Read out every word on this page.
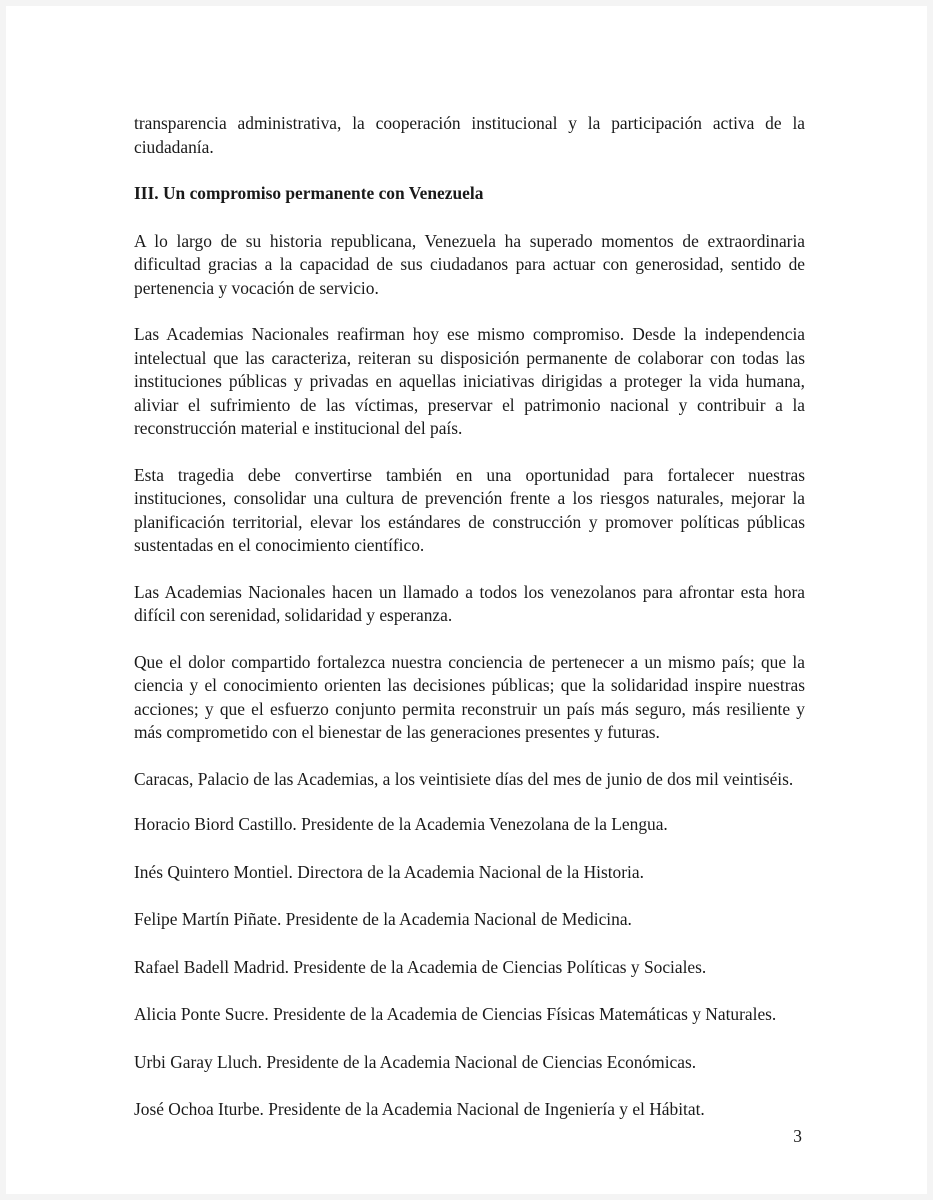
transparencia administrativa, la cooperación institucional y la participación activa de la ciudadanía.

III. Un compromiso permanente con Venezuela

A lo largo de su historia republicana, Venezuela ha superado momentos de extraordinaria dificultad gracias a la capacidad de sus ciudadanos para actuar con generosidad, sentido de pertenencia y vocación de servicio.

Las Academias Nacionales reafirman hoy ese mismo compromiso. Desde la independencia intelectual que las caracteriza, reiteran su disposición permanente de colaborar con todas las instituciones públicas y privadas en aquellas iniciativas dirigidas a proteger la vida humana, aliviar el sufrimiento de las víctimas, preservar el patrimonio nacional y contribuir a la reconstrucción material e institucional del país.

Esta tragedia debe convertirse también en una oportunidad para fortalecer nuestras instituciones, consolidar una cultura de prevención frente a los riesgos naturales, mejorar la planificación territorial, elevar los estándares de construcción y promover políticas públicas sustentadas en el conocimiento científico.

Las Academias Nacionales hacen un llamado a todos los venezolanos para afrontar esta hora difícil con serenidad, solidaridad y esperanza.

Que el dolor compartido fortalezca nuestra conciencia de pertenecer a un mismo país; que la ciencia y el conocimiento orienten las decisiones públicas; que la solidaridad inspire nuestras acciones; y que el esfuerzo conjunto permita reconstruir un país más seguro, más resiliente y más comprometido con el bienestar de las generaciones presentes y futuras.

Caracas, Palacio de las Academias, a los veintisiete días del mes de junio de dos mil veintiséis.

Horacio Biord Castillo. Presidente de la Academia Venezolana de la Lengua.

Inés Quintero Montiel. Directora de la Academia Nacional de la Historia.

Felipe Martín Piñate. Presidente de la Academia Nacional de Medicina.

Rafael Badell Madrid. Presidente de la Academia de Ciencias Políticas y Sociales.

Alicia Ponte Sucre. Presidente de la Academia de Ciencias Físicas Matemáticas y Naturales.

Urbi Garay Lluch. Presidente de la Academia Nacional de Ciencias Económicas.

José Ochoa Iturbe. Presidente de la Academia Nacional de Ingeniería y el Hábitat.

3
